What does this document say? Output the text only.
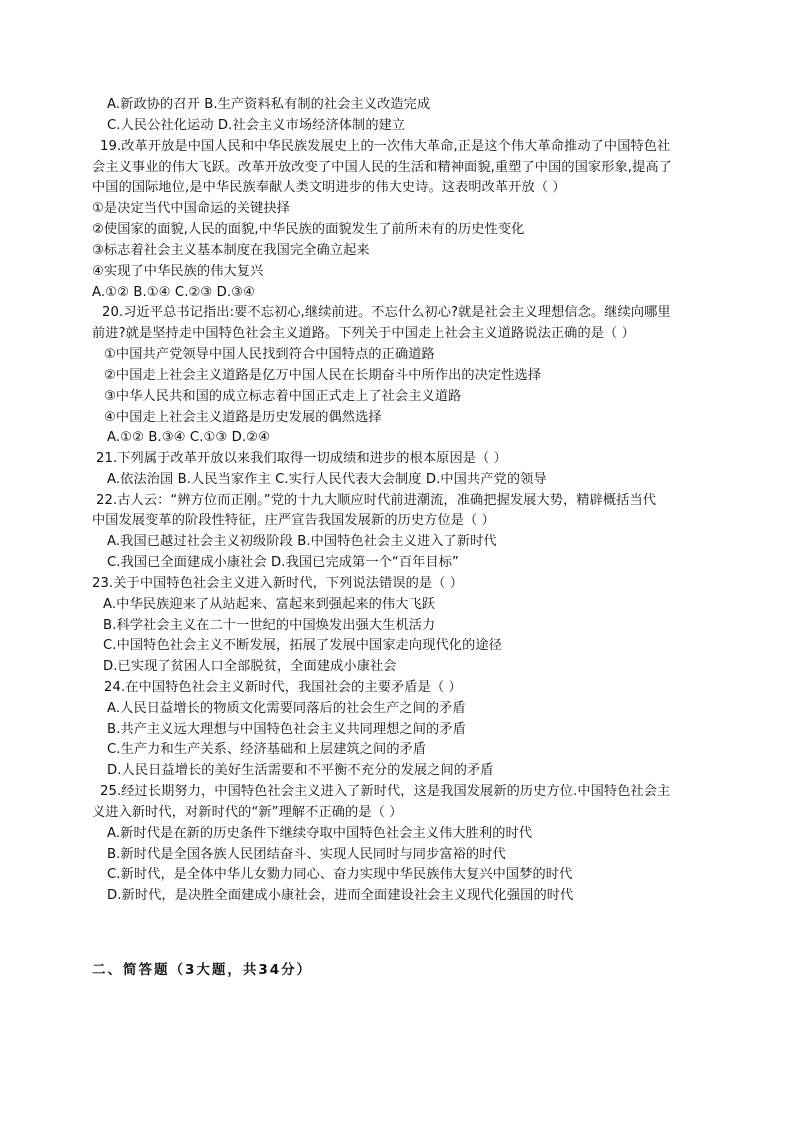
A.新政协的召开 B.生产资料私有制的社会主义改造完成
C.人民公社化运动 D.社会主义市场经济体制的建立
19.改革开放是中国人民和中华民族发展史上的一次伟大革命,正是这个伟大革命推动了中国特色社
会主义事业的伟大飞跃。改革开放改变了中国人民的生活和精神面貌,重塑了中国的国家形象,提高了
中国的国际地位,是中华民族奉献人类文明进步的伟大史诗。这表明改革开放（ ）
①是决定当代中国命运的关键抉择
②使国家的面貌,人民的面貌,中华民族的面貌发生了前所未有的历史性变化
③标志着社会主义基本制度在我国完全确立起来
④实现了中华民族的伟大复兴
A.①② B.①④ C.②③ D.③④
20.习近平总书记指出:要不忘初心,继续前进。不忘什么初心?就是社会主义理想信念。继续向哪里
前进?就是坚持走中国特色社会主义道路。下列关于中国走上社会主义道路说法正确的是（ ）
①中国共产党领导中国人民找到符合中国特点的正确道路
②中国走上社会主义道路是亿万中国人民在长期奋斗中所作出的决定性选择
③中华人民共和国的成立标志着中国正式走上了社会主义道路
④中国走上社会主义道路是历史发展的偶然选择
A.①② B.③④ C.①③ D.②④
21.下列属于改革开放以来我们取得一切成绩和进步的根本原因是（ ）
A.依法治国 B.人民当家作主 C.实行人民代表大会制度 D.中国共产党的领导
22.古人云：“辨方位而正刚。”党的十九大顺应时代前进潮流，准确把握发展大势，精辟概括当代
中国发展变革的阶段性特征，庄严宣告我国发展新的历史方位是（ ）
A.我国已越过社会主义初级阶段 B.中国特色社会主义进入了新时代
C.我国已全面建成小康社会 D.我国已完成第一个“百年目标”
23.关于中国特色社会主义进入新时代，下列说法错误的是（ ）
A.中华民族迎来了从站起来、富起来到强起来的伟大飞跃
B.科学社会主义在二十一世纪的中国焕发出强大生机活力
C.中国特色社会主义不断发展，拓展了发展中国家走向现代化的途径
D.已实现了贫困人口全部脱贫，全面建成小康社会
24.在中国特色社会主义新时代，我国社会的主要矛盾是（ ）
A.人民日益增长的物质文化需要同落后的社会生产之间的矛盾
B.共产主义远大理想与中国特色社会主义共同理想之间的矛盾
C.生产力和生产关系、经济基础和上层建筑之间的矛盾
D.人民日益增长的美好生活需要和不平衡不充分的发展之间的矛盾
25.经过长期努力，中国特色社会主义进入了新时代，这是我国发展新的历史方位.中国特色社会主
义进入新时代，对新时代的“新”理解不正确的是（ ）
A.新时代是在新的历史条件下继续夺取中国特色社会主义伟大胜利的时代
B.新时代是全国各族人民团结奋斗、实现人民同时与同步富裕的时代
C.新时代，是全体中华儿女勠力同心、奋力实现中华民族伟大复兴中国梦的时代
D.新时代，是决胜全面建成小康社会，进而全面建设社会主义现代化强国的时代
二、简答题（3大题，共34分）
